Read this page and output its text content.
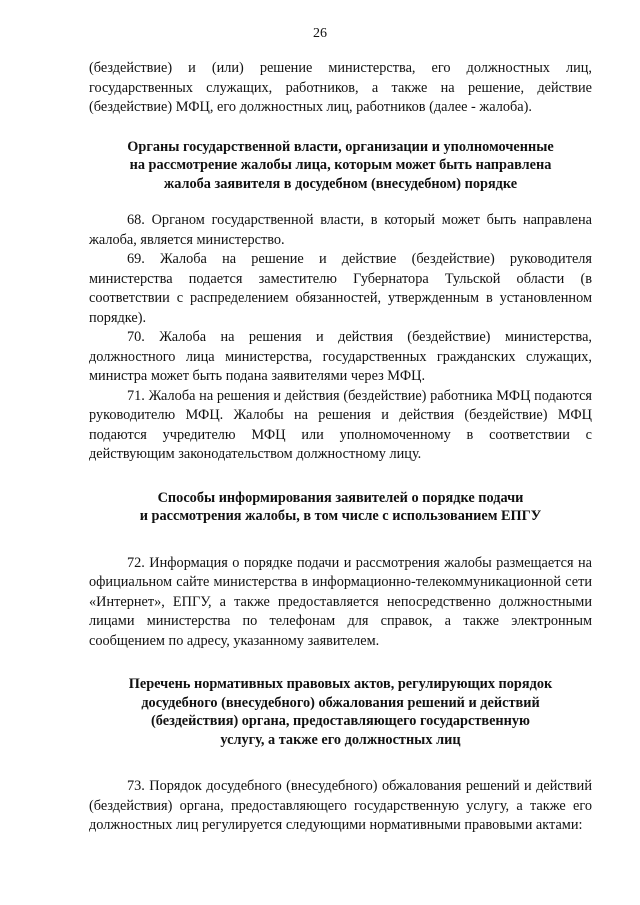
26

(бездействие) и (или) решение министерства, его должностных лиц, государственных служащих, работников, а также на решение, действие (бездействие) МФЦ, его должностных лиц, работников (далее - жалоба).

Органы государственной власти, организации и уполномоченные
на рассмотрение жалобы лица, которым может быть направлена
жалоба заявителя в досудебном (внесудебном) порядке

68. Органом государственной власти, в который может быть направлена жалоба, является министерство.

69. Жалоба на решение и действие (бездействие) руководителя министерства подается заместителю Губернатора Тульской области (в соответствии с распределением обязанностей, утвержденным в установленном порядке).

70. Жалоба на решения и действия (бездействие) министерства, должностного лица министерства, государственных гражданских служащих, министра может быть подана заявителями через МФЦ.

71. Жалоба на решения и действия (бездействие) работника МФЦ подаются руководителю МФЦ. Жалобы на решения и действия (бездействие) МФЦ подаются учредителю МФЦ или уполномоченному в соответствии с действующим законодательством должностному лицу.

Способы информирования заявителей о порядке подачи
и рассмотрения жалобы, в том числе с использованием ЕПГУ

72. Информация о порядке подачи и рассмотрения жалобы размещается на официальном сайте министерства в информационно-телекоммуникационной сети «Интернет», ЕПГУ, а также предоставляется непосредственно должностными лицами министерства по телефонам для справок, а также электронным сообщением по адресу, указанному заявителем.

Перечень нормативных правовых актов, регулирующих порядок
досудебного (внесудебного) обжалования решений и действий
(бездействия) органа, предоставляющего государственную
услугу, а также его должностных лиц

73. Порядок досудебного (внесудебного) обжалования решений и действий (бездействия) органа, предоставляющего государственную услугу, а также его должностных лиц регулируется следующими нормативными правовыми актами:
